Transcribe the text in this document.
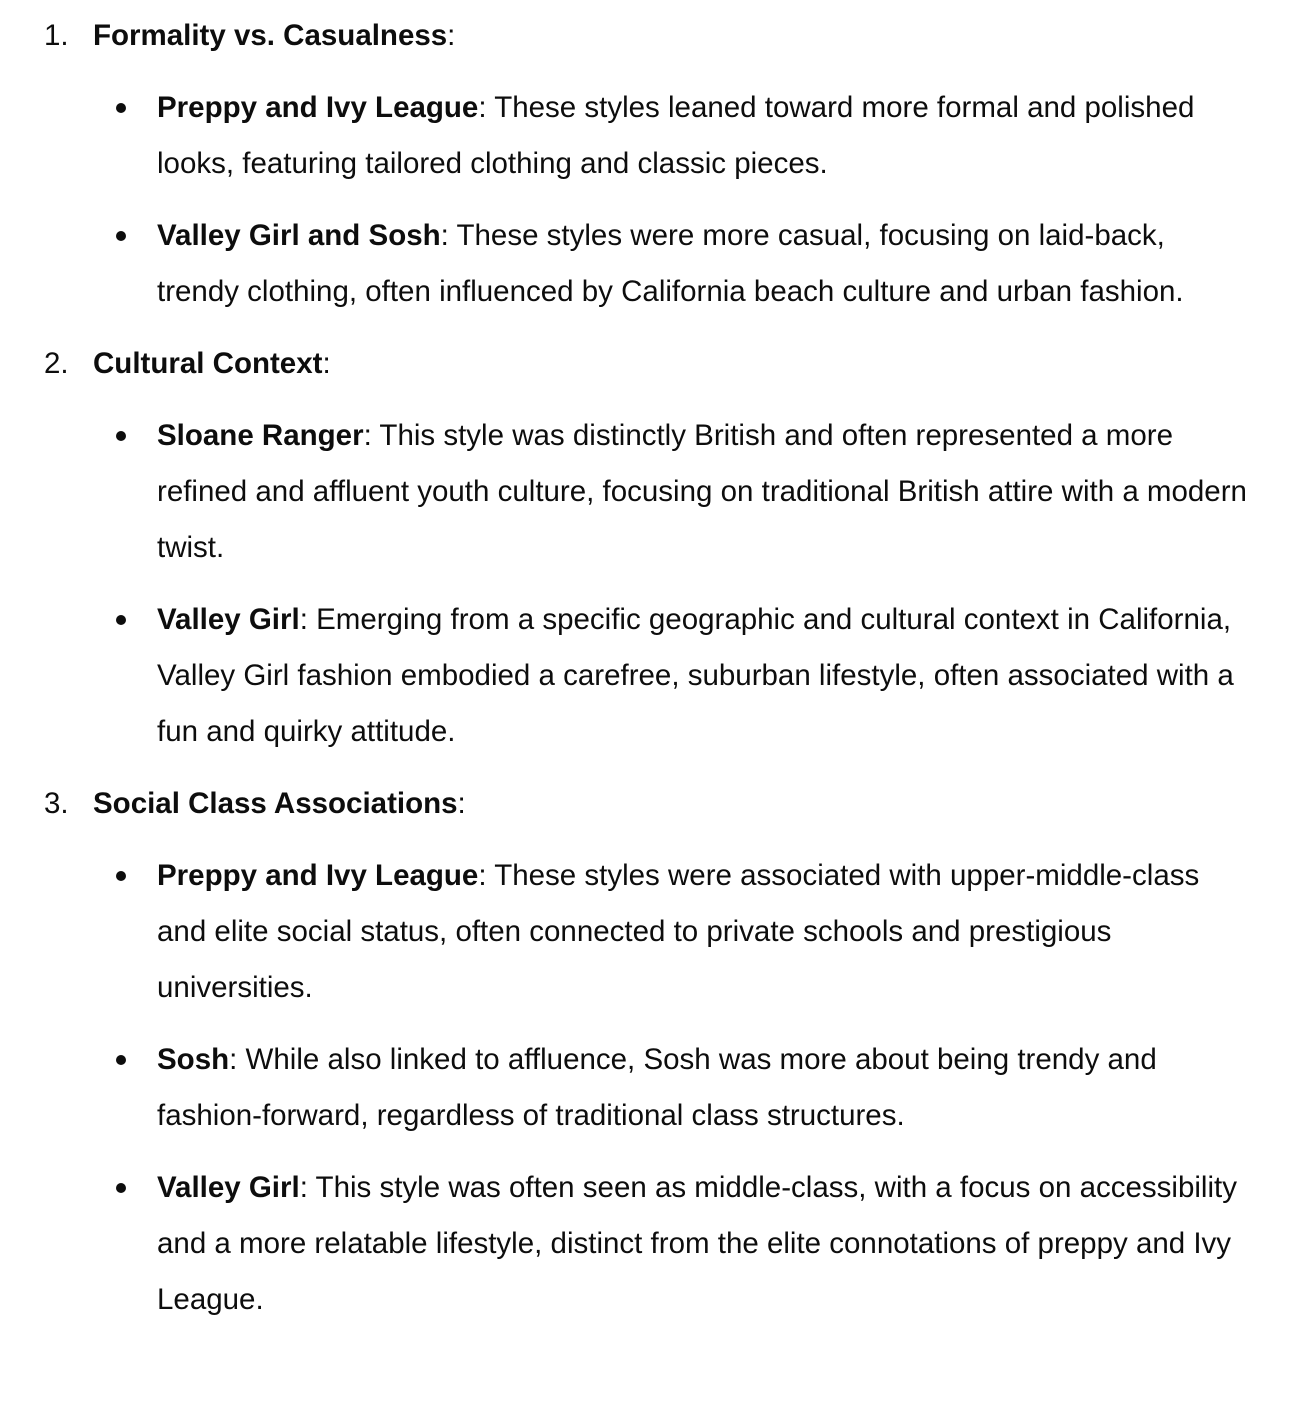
1. Formality vs. Casualness:

Preppy and Ivy League: These styles leaned toward more formal and polished looks, featuring tailored clothing and classic pieces.
Valley Girl and Sosh: These styles were more casual, focusing on laid-back, trendy clothing, often influenced by California beach culture and urban fashion.
2. Cultural Context:

Sloane Ranger: This style was distinctly British and often represented a more refined and affluent youth culture, focusing on traditional British attire with a modern twist.
Valley Girl: Emerging from a specific geographic and cultural context in California, Valley Girl fashion embodied a carefree, suburban lifestyle, often associated with a fun and quirky attitude.
3. Social Class Associations:

Preppy and Ivy League: These styles were associated with upper-middle-class and elite social status, often connected to private schools and prestigious universities.
Sosh: While also linked to affluence, Sosh was more about being trendy and fashion-forward, regardless of traditional class structures.
Valley Girl: This style was often seen as middle-class, with a focus on accessibility and a more relatable lifestyle, distinct from the elite connotations of preppy and Ivy League.
